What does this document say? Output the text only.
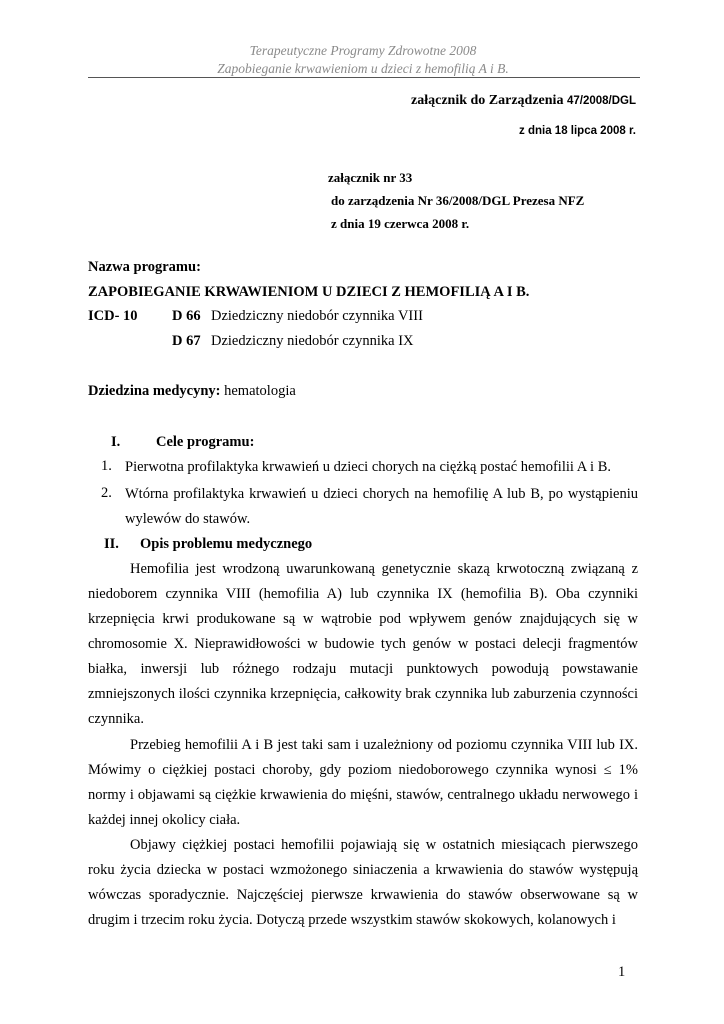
Terapeutyczne Programy Zdrowotne 2008
Zapobieganie krwawieniom u dzieci z hemofilią A i B.
załącznik do Zarządzenia 47/2008/DGL
z dnia 18 lipca 2008 r.
załącznik nr 33
do zarządzenia Nr 36/2008/DGL Prezesa NFZ
z dnia 19 czerwca 2008 r.
Nazwa programu:
ZAPOBIEGANIE KRWAWIENIOM U DZIECI Z HEMOFILIĄ A I B.
ICD- 10 D 66 Dziedziczny niedobór czynnika VIII
D 67 Dziedziczny niedobór czynnika IX
Dziedzina medycyny: hematologia
I. Cele programu:
1. Pierwotna profilaktyka krwawień u dzieci chorych na ciężką postać hemofilii A i B.
2. Wtórna profilaktyka krwawień u dzieci chorych na hemofilię A lub B, po wystąpieniu wylewów do stawów.
II. Opis problemu medycznego
Hemofilia jest wrodzoną uwarunkowaną genetycznie skazą krwotoczną związaną z niedoborem czynnika VIII (hemofilia A) lub czynnika IX (hemofilia B). Oba czynniki krzepnięcia krwi produkowane są w wątrobie pod wpływem genów znajdujących się w chromosomie X. Nieprawidłowości w budowie tych genów w postaci delecji fragmentów białka, inwersji lub różnego rodzaju mutacji punktowych powodują powstawanie zmniejszonych ilości czynnika krzepnięcia, całkowity brak czynnika lub zaburzenia czynności czynnika.
Przebieg hemofilii A i B jest taki sam i uzależniony od poziomu czynnika VIII lub IX. Mówimy o ciężkiej postaci choroby, gdy poziom niedoborowego czynnika wynosi ≤ 1% normy i objawami są ciężkie krwawienia do mięśni, stawów, centralnego układu nerwowego i każdej innej okolicy ciała.
Objawy ciężkiej postaci hemofilii pojawiają się w ostatnich miesiącach pierwszego roku życia dziecka w postaci wzmożonego siniaczenia a krwawienia do stawów występują wówczas sporadycznie. Najczęściej pierwsze krwawienia do stawów obserwowane są w drugim i trzecim roku życia. Dotyczą przede wszystkim stawów skokowych, kolanowych i
1
